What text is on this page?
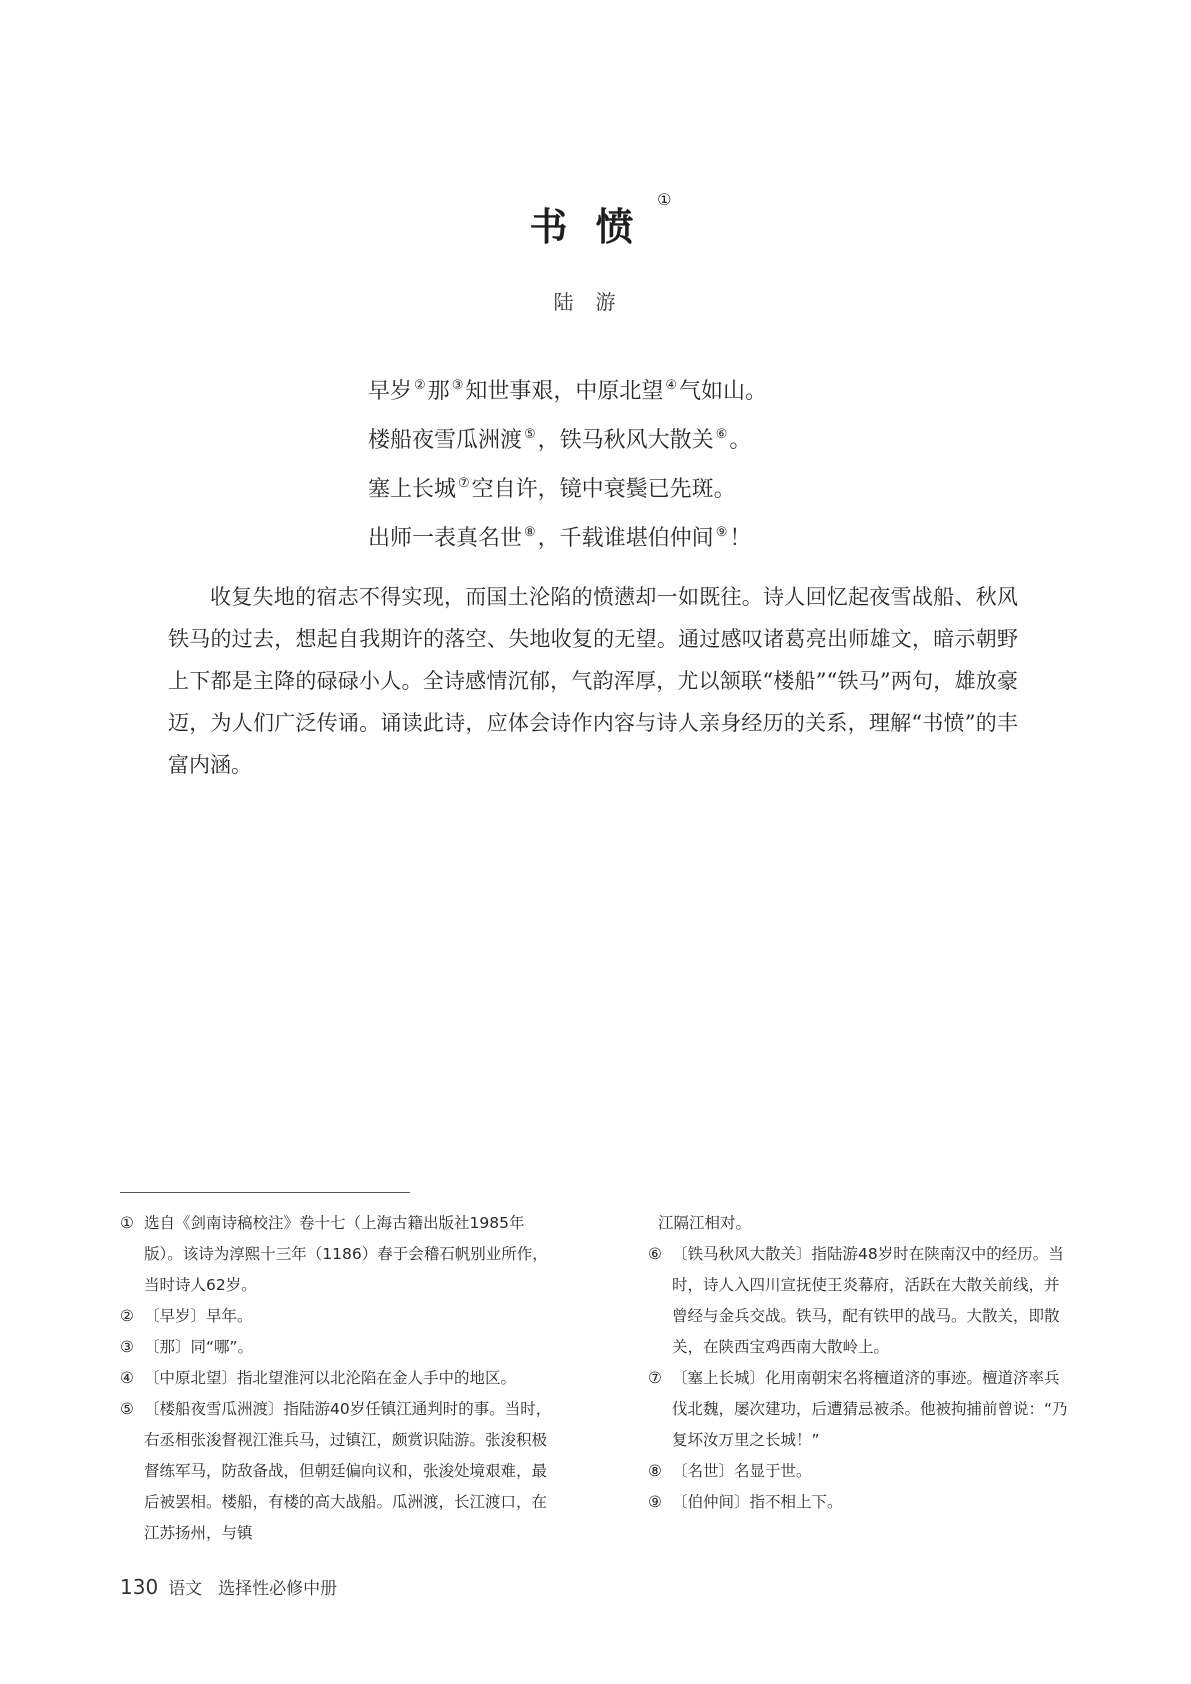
书愤
①
陆游
早岁 ②那 ③知世事艰，中原北望 ④气如山。
楼船夜雪瓜洲渡 ⑤，铁马秋风大散关 ⑥。
塞上长城 ⑦空自许，镜中衰鬓已先斑。
出师一表真名世 ⑧，千载谁堪伯仲间 ⑨！

收复失地的宿志不得实现，而国土沦陷的愤懑却一如既往。诗人回忆起夜雪战船、秋风铁马的过去，想起自我期许的落空、失地收复的无望。通过感叹诸葛亮出师雄文，暗示朝野上下都是主降的碌碌小人。全诗感情沉郁，气韵浑厚，尤以颔联“楼船”“铁马”两句，雄放豪迈，为人们广泛传诵。诵读此诗，应体会诗作内容与诗人亲身经历的关系，理解“书愤”的丰富内涵。

① 选自《剑南诗稿校注》卷十七（上海古籍出版社1985年版）。该诗为淳熙十三年（1186）春于会稽石帆别业所作，当时诗人62岁。
② 〔早岁〕早年。
③ 〔那〕同“哪”。
④ 〔中原北望〕指北望淮河以北沦陷在金人手中的地区。
⑤ 〔楼船夜雪瓜洲渡〕指陆游40岁任镇江通判时的事。当时，右丞相张浚督视江淮兵马，过镇江，颇赏识陆游。张浚积极督练军马，防敌备战，但朝廷偏向议和，张浚处境艰难，最后被罢相。楼船，有楼的高大战船。瓜洲渡，长江渡口，在江苏扬州，与镇
江隔江相对。
⑥ 〔铁马秋风大散关〕指陆游48岁时在陕南汉中的经历。当时，诗人入四川宣抚使王炎幕府，活跃在大散关前线，并曾经与金兵交战。铁马，配有铁甲的战马。大散关，即散关，在陕西宝鸡西南大散岭上。
⑦ 〔塞上长城〕化用南朝宋名将檀道济的事迹。檀道济率兵伐北魏，屡次建功，后遭猜忌被杀。他被拘捕前曾说：“乃复坏汝万里之长城！”
⑧ 〔名世〕名显于世。
⑨ 〔伯仲间〕指不相上下。
130 语文 选择性必修中册
